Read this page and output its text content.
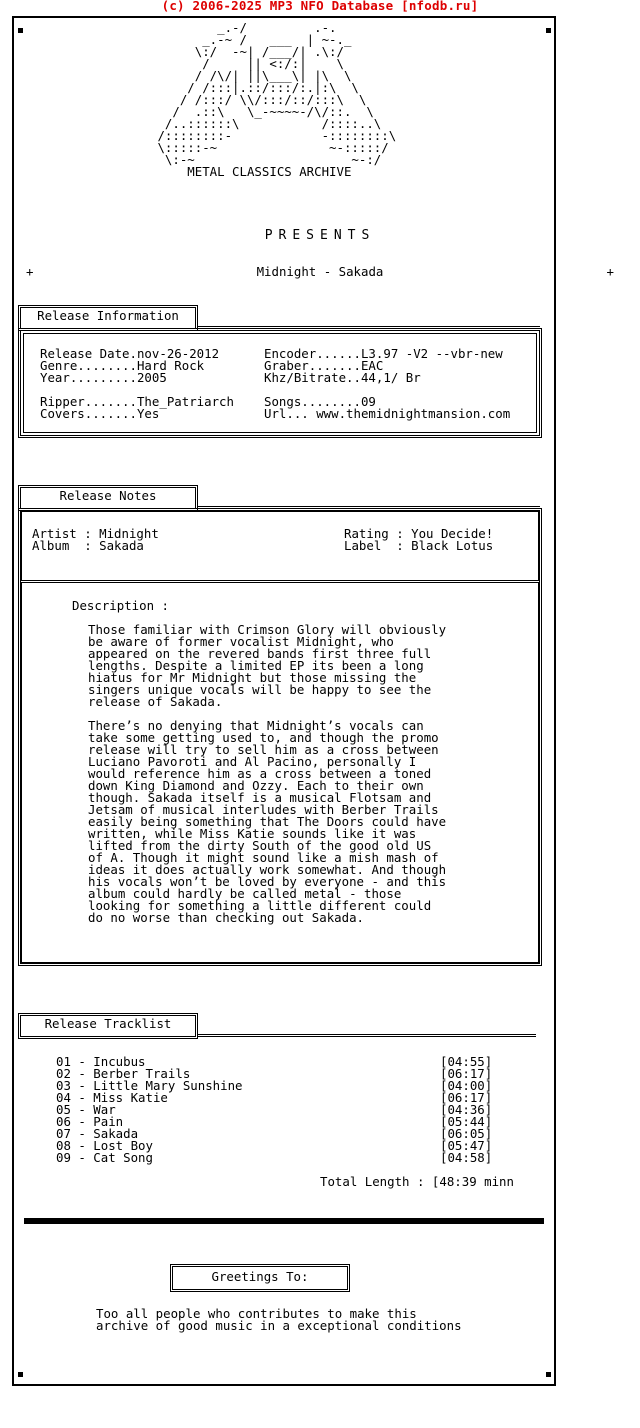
(c) 2006-2025 MP3 NFO Database [nfodb.ru]
_.-/         .-.
_.-~ /   ___  | ~-._
\:/  -~| /___/| .\:/
/     || <:/:|    \
/ /\/| ||\___\| |\  \
/ /:::|.::/:::/:.|:\  \
/ /:::/ \\/:::/::/:::\  \
/  .::\   \_-~~~~-/\/::.  \
/..::::::\           /::::..\
/::::::::-            -::::::::\
\:::::-~               ~-:::::/
\:-~                     ~-:/
METAL CLASSICS ARCHIVE
PRESENTS
+	Midnight - Sakada	+
Release Information
Release Date.nov-26-2012
Genre........Hard Rock
Year.........2005

Ripper.......The_Patriarch
Covers.......Yes
Encoder......L3.97 -V2 --vbr-new
Graber.......EAC
Khz/Bitrate..44,1/ Br

Songs........09
Url... www.themidnightmansion.com
Release Notes
Artist : Midnight
Album  : Sakada
Rating : You Decide!
Label  : Black Lotus
Description :
Those familiar with Crimson Glory will obviously
be aware of former vocalist Midnight, who
appeared on the revered bands first three full
lengths. Despite a limited EP its been a long
hiatus for Mr Midnight but those missing the
singers unique vocals will be happy to see the
release of Sakada.

There’s no denying that Midnight’s vocals can
take some getting used to, and though the promo
release will try to sell him as a cross between
Luciano Pavoroti and Al Pacino, personally I
would reference him as a cross between a toned
down King Diamond and Ozzy. Each to their own
though. Sakada itself is a musical Flotsam and
Jetsam of musical interludes with Berber Trails
easily being something that The Doors could have
written, while Miss Katie sounds like it was
lifted from the dirty South of the good old US
of A. Though it might sound like a mish mash of
ideas it does actually work somewhat. And though
his vocals won’t be loved by everyone - and this
album could hardly be called metal - those
looking for something a little different could
do no worse than checking out Sakada.
Release Tracklist
01 - Incubus	[04:55]
02 - Berber Trails	[06:17]
03 - Little Mary Sunshine	[04:00]
04 - Miss Katie	[06:17]
05 - War	[04:36]
06 - Pain	[05:44]
07 - Sakada	[06:05]
08 - Lost Boy	[05:47]
09 - Cat Song	[04:58]
Total Length : [48:39 minn
Greetings To:
Too all people who contributes to make this
archive of good music in a exceptional conditions
